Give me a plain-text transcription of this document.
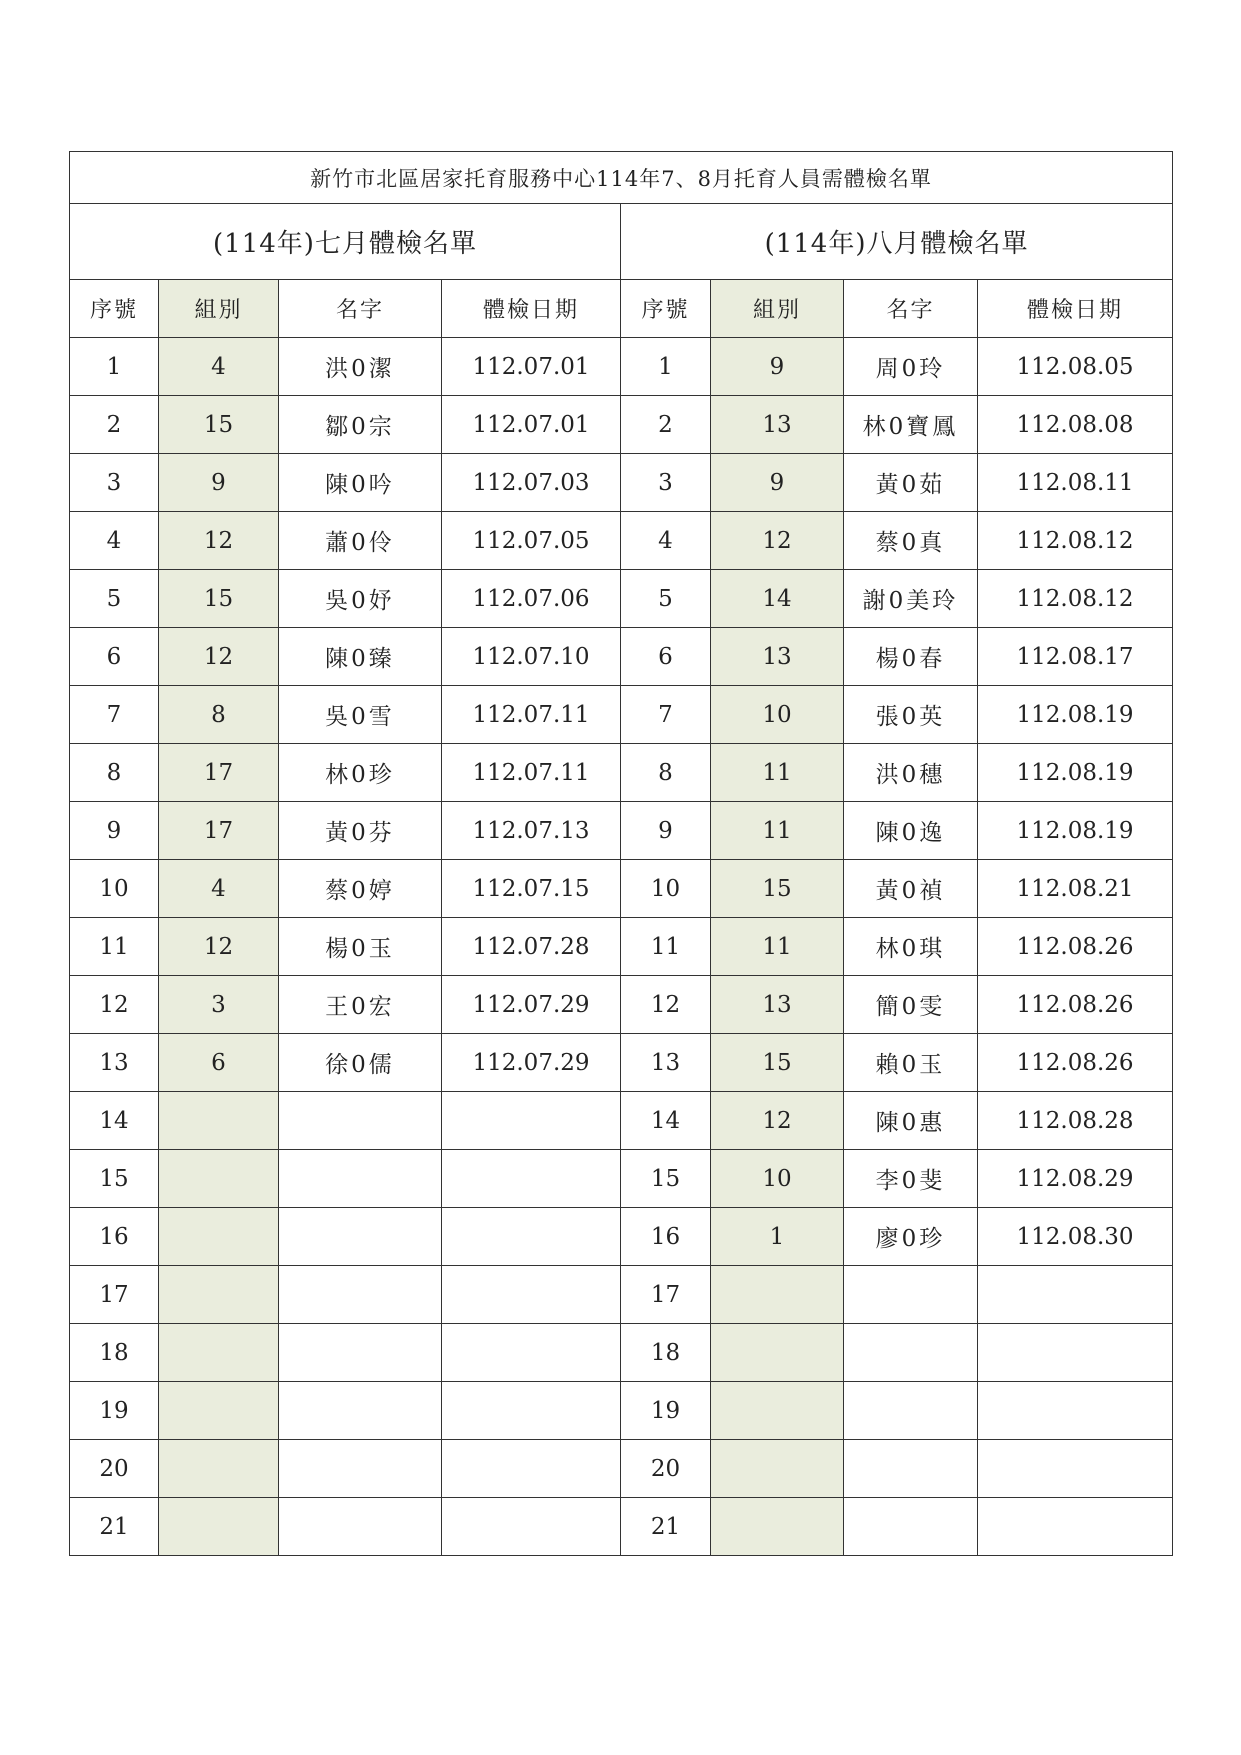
新竹市北區居家托育服務中心114年7、8月托育人員需體檢名單							
(114年)七月體檢名單				(114年)八月體檢名單			
序號	組別	名字	體檢日期	序號	組別	名字	體檢日期
1	4	洪0潔	112.07.01	1	9	周0玲	112.08.05
2	15	鄒0宗	112.07.01	2	13	林0寶鳳	112.08.08
3	9	陳0吟	112.07.03	3	9	黃0茹	112.08.11
4	12	蕭0伶	112.07.05	4	12	蔡0真	112.08.12
5	15	吳0妤	112.07.06	5	14	謝0美玲	112.08.12
6	12	陳0臻	112.07.10	6	13	楊0春	112.08.17
7	8	吳0雪	112.07.11	7	10	張0英	112.08.19
8	17	林0珍	112.07.11	8	11	洪0穗	112.08.19
9	17	黃0芬	112.07.13	9	11	陳0逸	112.08.19
10	4	蔡0婷	112.07.15	10	15	黃0禎	112.08.21
11	12	楊0玉	112.07.28	11	11	林0琪	112.08.26
12	3	王0宏	112.07.29	12	13	簡0雯	112.08.26
13	6	徐0儒	112.07.29	13	15	賴0玉	112.08.26
14				14	12	陳0惠	112.08.28
15				15	10	李0斐	112.08.29
16				16	1	廖0珍	112.08.30
17				17			
18				18			
19				19			
20				20			
21				21			
